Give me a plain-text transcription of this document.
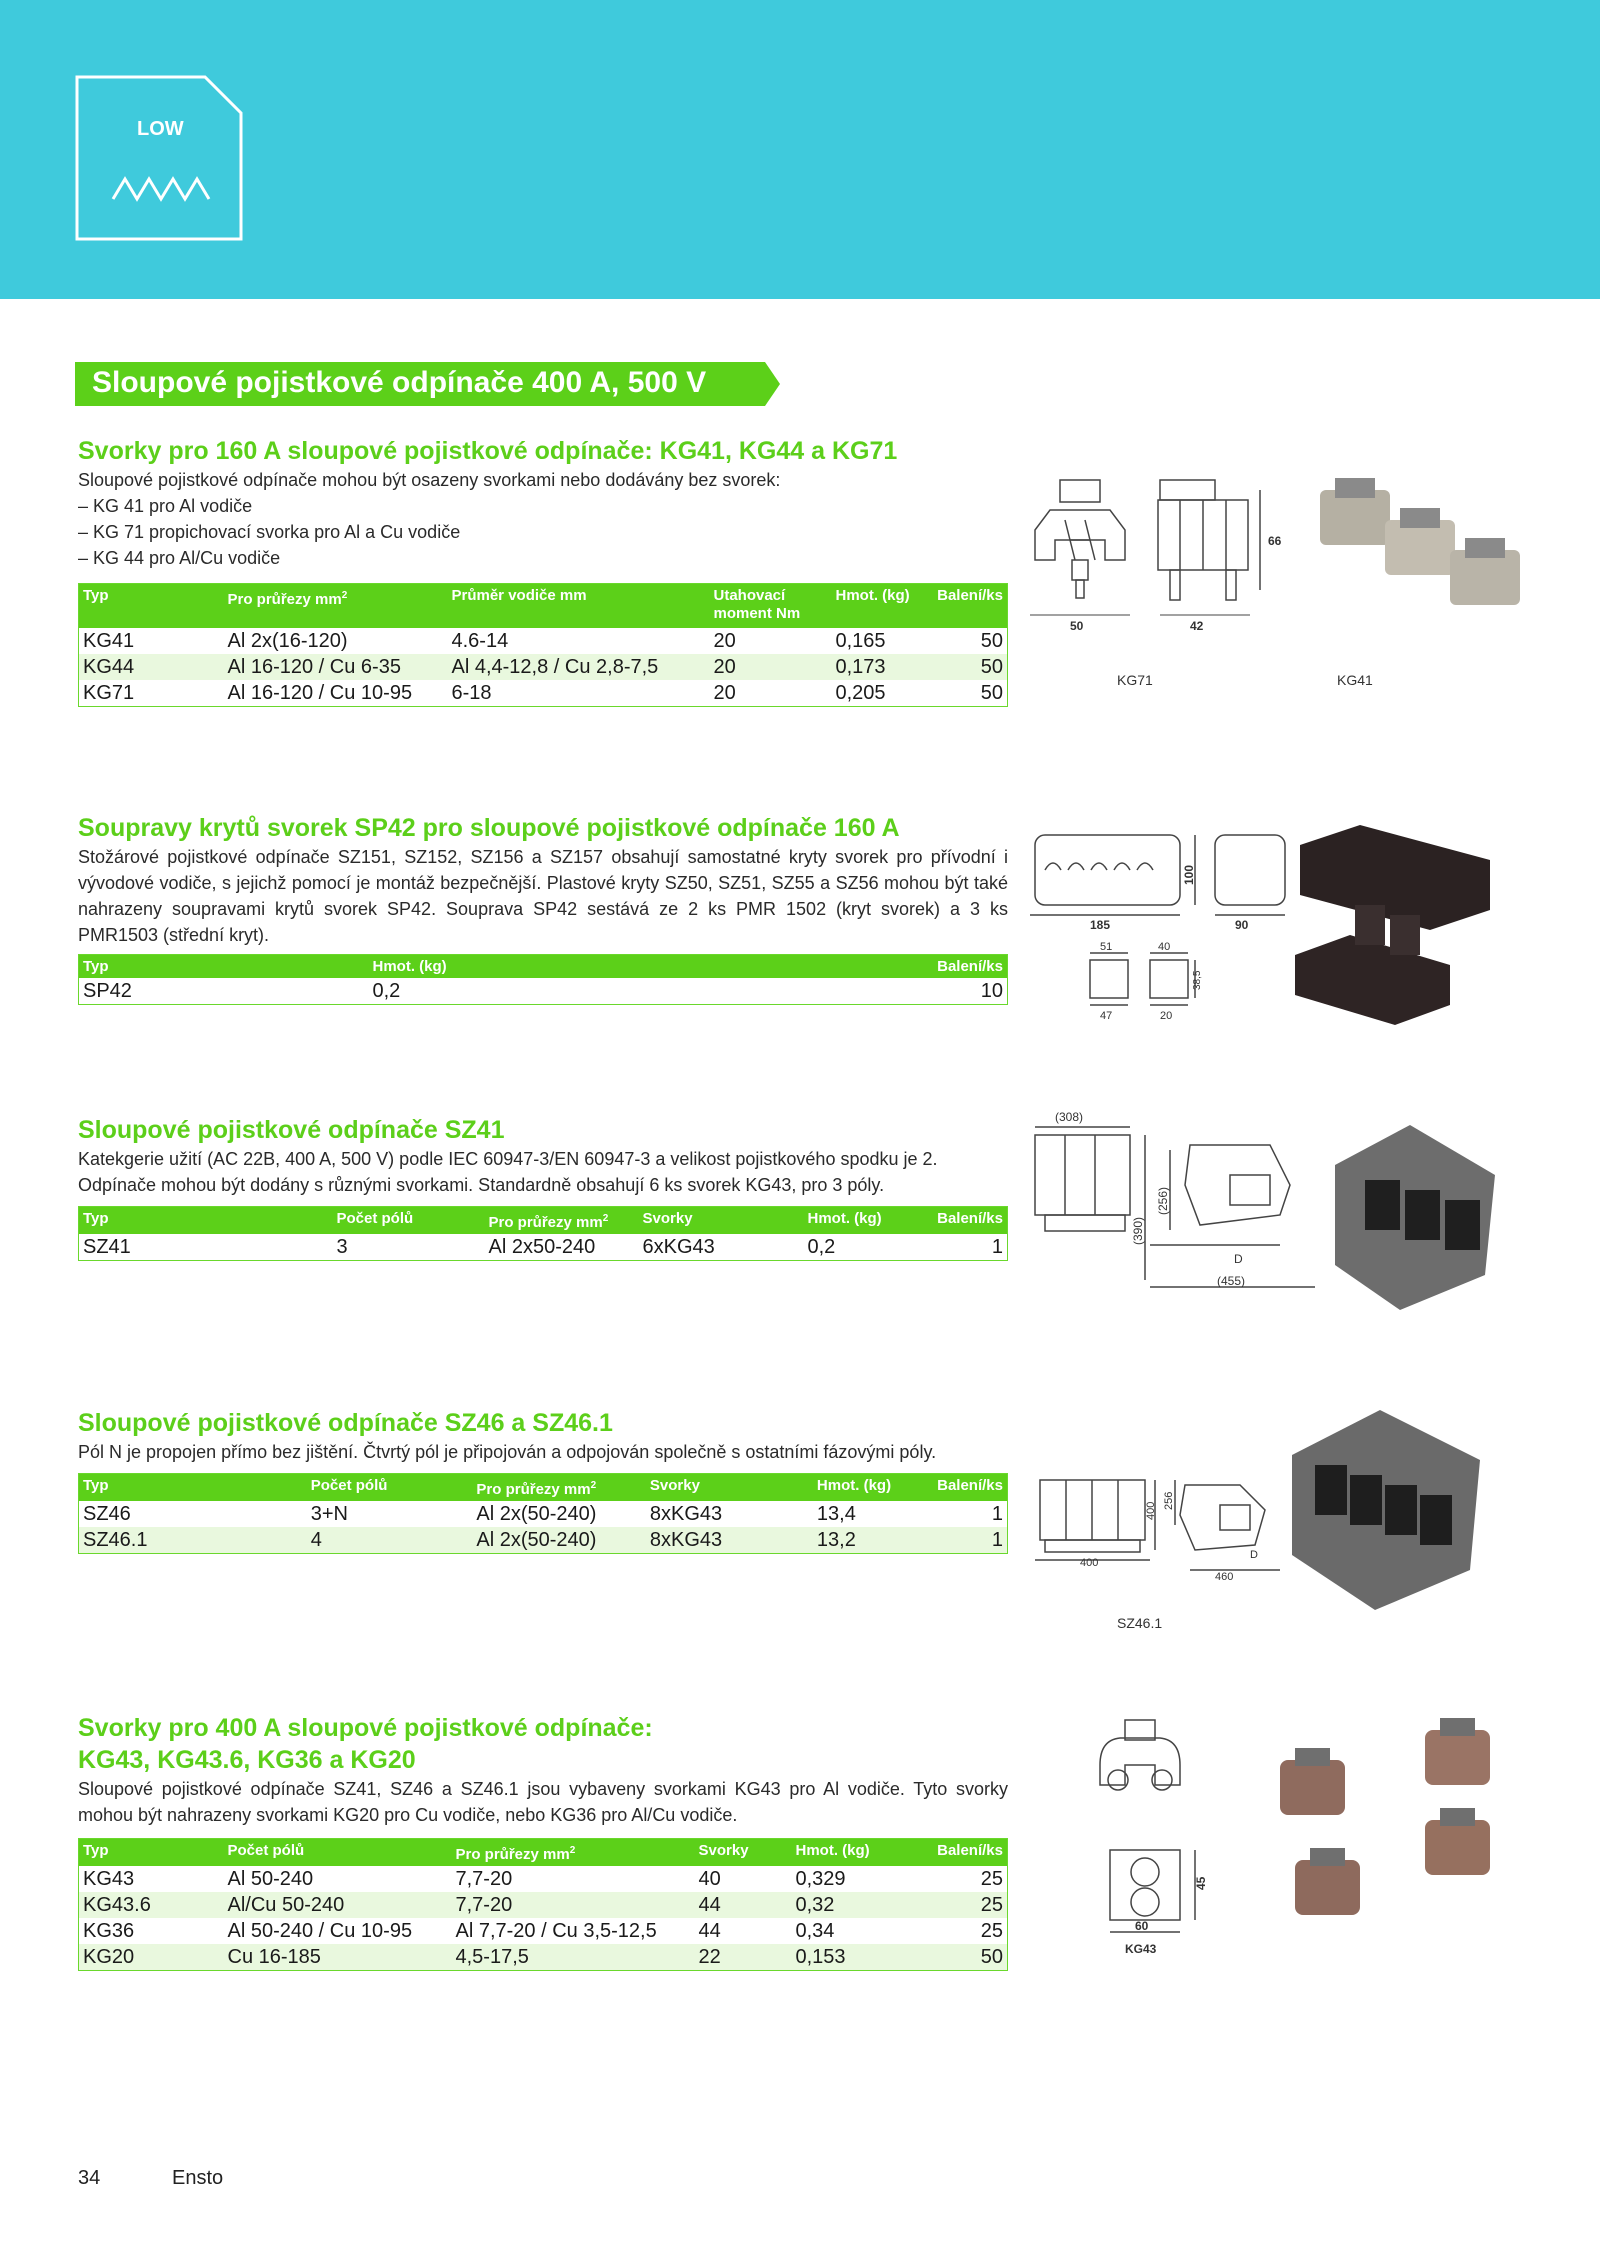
LOW
Sloupové pojistkové odpínače 400 A, 500 V
Svorky pro 160 A sloupové pojistkové odpínače: KG41, KG44 a KG71
Sloupové pojistkové odpínače mohou být osazeny svorkami nebo dodávány bez svorek:
– KG 41 pro Al vodiče
– KG 71 propichovací svorka pro Al a Cu vodiče
– KG 44 pro Al/Cu vodiče
Typ	Pro průřezy $mm^2$	Průměr vodiče mm	Utahovací moment Nm	Hmot. (kg)	Balení/ks
KG41	Al 2x(16-120)	4.6-14	20	0,165	50
KG44	Al 16-120 / Cu 6-35	Al 4,4-12,8 / Cu 2,8-7,5	20	0,173	50
KG71	Al 16-120 / Cu 10-95	6-18	20	0,205	50
50	42
66
KG71	KG41
Soupravy krytů svorek SP42 pro sloupové pojistkové odpínače 160 A
Stožárové pojistkové odpínače SZ151, SZ152, SZ156 a SZ157 obsahují samostatné kryty svorek pro přívodní i vývodové vodiče, s jejichž pomocí je montáž bezpečnější. Plastové kryty SZ50, SZ51, SZ55 a SZ56 mohou být také nahrazeny soupravami krytů svorek SP42. Souprava SP42 sestává ze 2 ks PMR 1502 (kryt svorek) a 3 ks PMR1503 (střední kryt).
Typ	Hmot. (kg)	Balení/ks
SP42	0,2	10
185
100
90
51
47
40
38,5
20
Sloupové pojistkové odpínače SZ41
Katekgerie užití (AC 22B, 400 A, 500 V) podle IEC 60947-3/EN 60947-3 a velikost pojistkového spodku je 2. Odpínače mohou být dodány s různými svorkami. Standardně obsahují 6 ks svorek KG43, pro 3 póly.
Typ	Počet pólů	Pro průřezy $mm^2$	Svorky	Hmot. (kg)	Balení/ks
SZ41	3	Al 2x50-240	6xKG43	0,2	1
(308)
(390)
(256)
(455)
D
Sloupové pojistkové odpínače SZ46 a SZ46.1
Pól N je propojen přímo bez jištění. Čtvrtý pól je připojován a odpojován společně s ostatními fázovými póly.
Typ	Počet pólů	Pro průřezy $mm^2$	Svorky	Hmot. (kg)	Balení/ks
SZ46	3+N	Al 2x(50-240)	8xKG43	13,4	1
SZ46.1	4	Al 2x(50-240)	8xKG43	13,2	1
400
400
256
460
D
SZ46.1
Svorky pro 400 A sloupové pojistkové odpínače:
KG43, KG43.6, KG36 a KG20
Sloupové pojistkové odpínače SZ41, SZ46 a SZ46.1 jsou vybaveny svorkami KG43 pro Al vodiče. Tyto svorky mohou být nahrazeny svorkami KG20 pro Cu vodiče, nebo KG36 pro Al/Cu vodiče.
Typ	Počet pólů	Pro průřezy $mm^2$	Svorky	Hmot. (kg)	Balení/ks
KG43	Al 50-240	7,7-20	40	0,329	25
KG43.6	Al/Cu 50-240	7,7-20	44	0,32	25
KG36	Al 50-240 / Cu 10-95	Al 7,7-20 / Cu 3,5-12,5	44	0,34	25
KG20	Cu 16-185	4,5-17,5	22	0,153	50
45
60
KG43
34	Ensto
